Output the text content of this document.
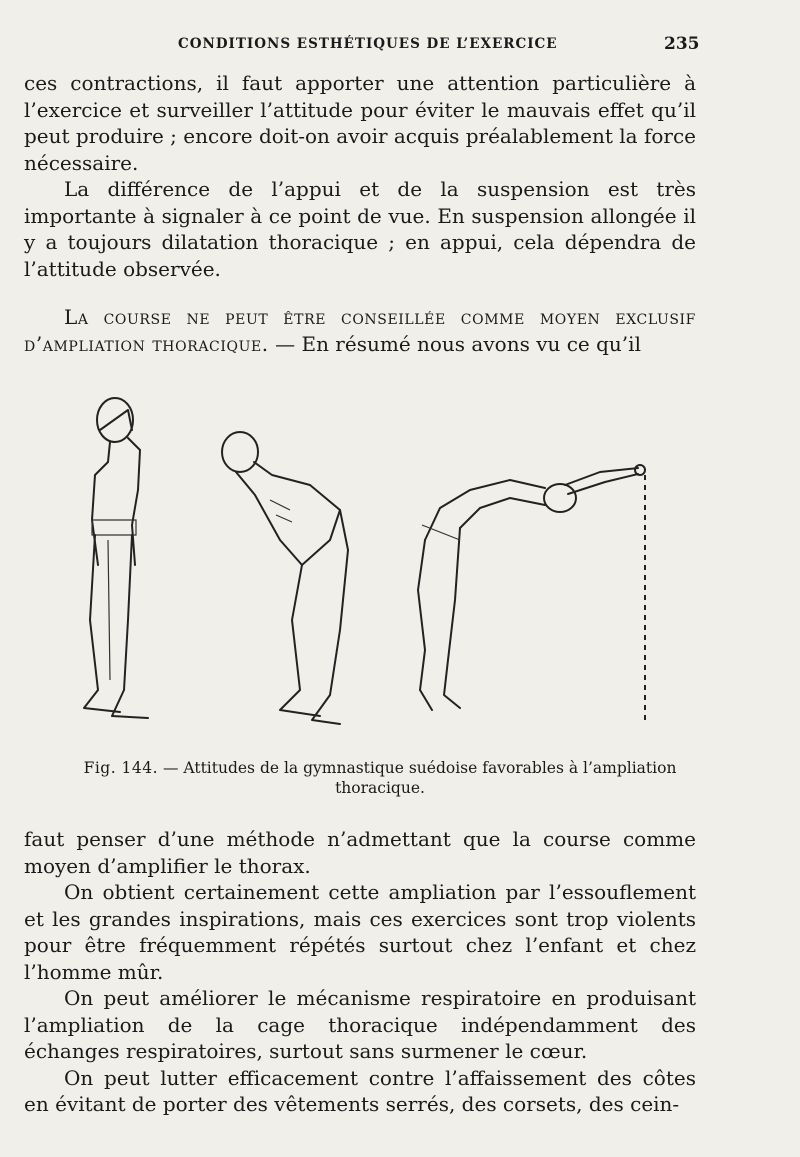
CONDITIONS ESTHÉTIQUES DE L’EXERCICE	235

ces contractions, il faut apporter une attention particulière à l’exercice et surveiller l’attitude pour éviter le mauvais effet qu’il peut produire ; encore doit-on avoir acquis préalablement la force nécessaire.

La différence de l’appui et de la suspension est très importante à signaler à ce point de vue. En suspension allongée il y a toujours dilatation thoracique ; en appui, cela dépendra de l’attitude observée.

La course ne peut être conseillée comme moyen exclusif d’ampliation thoracique. — En résumé nous avons vu ce qu’il

Fig. 144. — Attitudes de la gymnastique suédoise favorables à l’ampliation thoracique.

faut penser d’une méthode n’admettant que la course comme moyen d’amplifier le thorax.

On obtient certainement cette ampliation par l’essouflement et les grandes inspirations, mais ces exercices sont trop violents pour être fréquemment répétés surtout chez l’enfant et chez l’homme mûr.

On peut améliorer le mécanisme respiratoire en produisant l’ampliation de la cage thoracique indépendamment des échanges respiratoires, surtout sans surmener le cœur.

On peut lutter efficacement contre l’affaissement des côtes en évitant de porter des vêtements serrés, des corsets, des cein-
